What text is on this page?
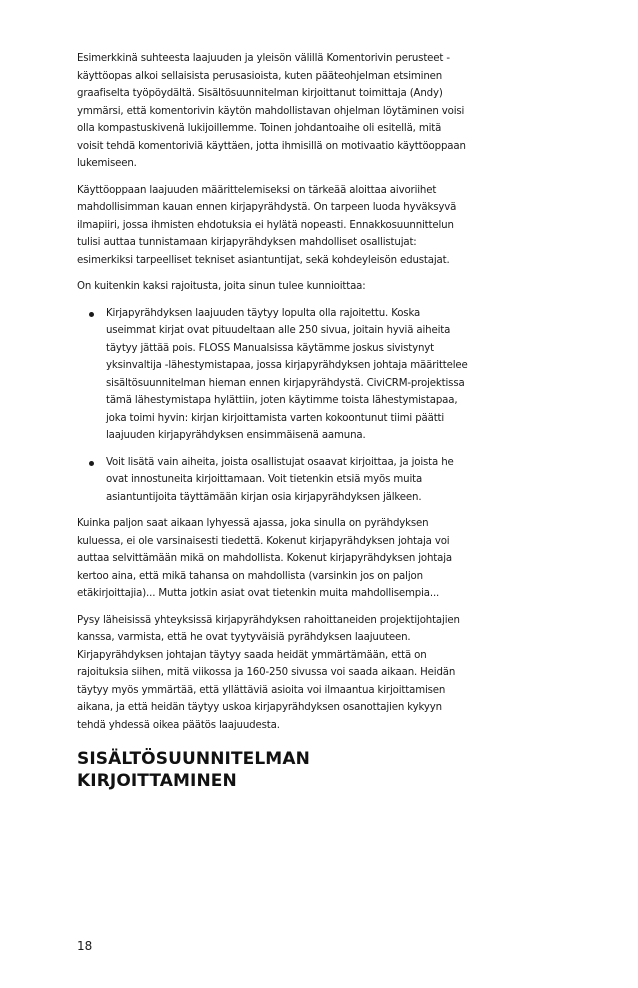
Esimerkkinä suhteesta laajuuden ja yleisön välillä Komentorivin perusteet -käyttöopas alkoi sellaisista perusasioista, kuten pääteohjelman etsiminen graafiselta työpöydältä. Sisältösuunnitelman kirjoittanut toimittaja (Andy) ymmärsi, että komentorivin käytön mahdollistavan ohjelman löytäminen voisi olla kompastuskivenä lukijoillemme. Toinen johdantoaihe oli esitellä, mitä voisit tehdä komentoriviä käyttäen, jotta ihmisillä on motivaatio käyttöoppaan lukemiseen.

Käyttöoppaan laajuuden määrittelemiseksi on tärkeää aloittaa aivoriihet mahdollisimman kauan ennen kirjapyrähdystä. On tarpeen luoda hyväksyvä ilmapiiri, jossa ihmisten ehdotuksia ei hylätä nopeasti. Ennakkosuunnittelun tulisi auttaa tunnistamaan kirjapyrähdyksen mahdolliset osallistujat: esimerkiksi tarpeelliset tekniset asiantuntijat, sekä kohdeyleisön edustajat.

On kuitenkin kaksi rajoitusta, joita sinun tulee kunnioittaa:

Kirjapyrähdyksen laajuuden täytyy lopulta olla rajoitettu. Koska useimmat kirjat ovat pituudeltaan alle 250 sivua, joitain hyviä aiheita täytyy jättää pois. FLOSS Manualsissa käytämme joskus sivistynyt yksinvaltija -lähestymistapaa, jossa kirjapyrähdyksen johtaja määrittelee sisältösuunnitelman hieman ennen kirjapyrähdystä. CiviCRM-projektissa tämä lähestymistapa hylättiin, joten käytimme toista lähestymistapaa, joka toimi hyvin: kirjan kirjoittamista varten kokoontunut tiimi päätti laajuuden kirjapyrähdyksen ensimmäisenä aamuna.
Voit lisätä vain aiheita, joista osallistujat osaavat kirjoittaa, ja joista he ovat innostuneita kirjoittamaan. Voit tietenkin etsiä myös muita asiantuntijoita täyttämään kirjan osia kirjapyrähdyksen jälkeen.

Kuinka paljon saat aikaan lyhyessä ajassa, joka sinulla on pyrähdyksen kuluessa, ei ole varsinaisesti tiedettä. Kokenut kirjapyrähdyksen johtaja voi auttaa selvittämään mikä on mahdollista. Kokenut kirjapyrähdyksen johtaja kertoo aina, että mikä tahansa on mahdollista (varsinkin jos on paljon etäkirjoittajia)... Mutta jotkin asiat ovat tietenkin muita mahdollisempia...

Pysy läheisissä yhteyksissä kirjapyrähdyksen rahoittaneiden projektijohtajien kanssa, varmista, että he ovat tyytyväisiä pyrähdyksen laajuuteen. Kirjapyrähdyksen johtajan täytyy saada heidät ymmärtämään, että on rajoituksia siihen, mitä viikossa ja 160-250 sivussa voi saada aikaan. Heidän täytyy myös ymmärtää, että yllättäviä asioita voi ilmaantua kirjoittamisen aikana, ja että heidän täytyy uskoa kirjapyrähdyksen osanottajien kykyyn tehdä yhdessä oikea päätös laajuudesta.

SISÄLTÖSUUNNITELMAN KIRJOITTAMINEN
18
